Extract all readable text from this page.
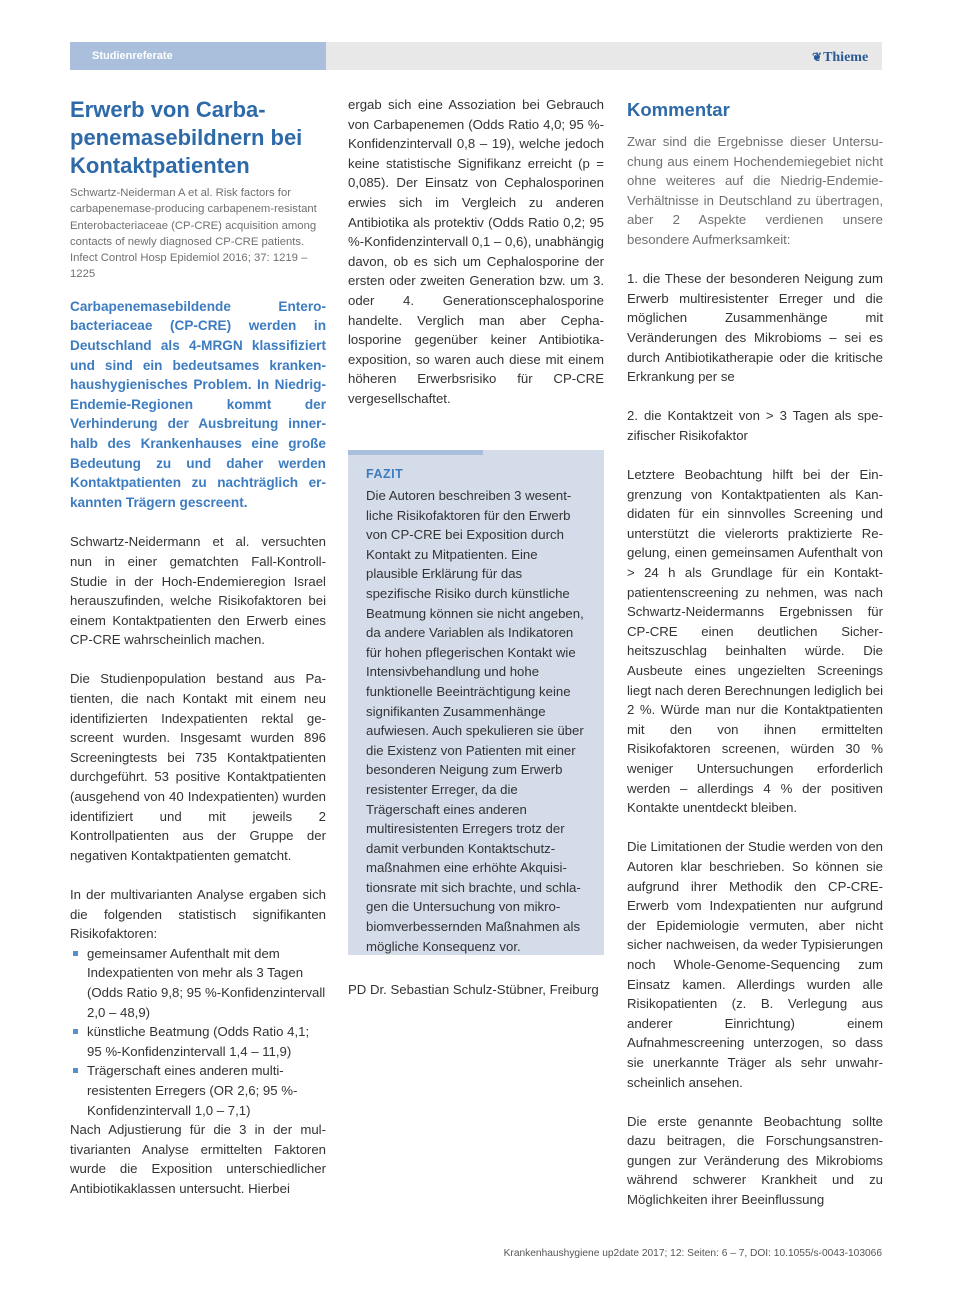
Studienreferate	❦Thieme
Erwerb von Carbapenemasebildnern bei Kontaktpatienten
Schwartz-Neiderman A et al. Risk factors for carbapenemase-producing carbapenem-resistant Enterobacteriaceae (CP-CRE) acquisition among contacts of newly diagnosed CP-CRE patients. Infect Control Hosp Epidemiol 2016; 37: 1219 – 1225

Carbapenemasebildende Enterobacteriaceae (CP-CRE) werden in Deutschland als 4-MRGN klassifiziert und sind ein bedeutsames krankenhaushygienisches Problem. In Niedrig-Endemie-Regionen kommt der Verhinderung der Ausbreitung innerhalb des Krankenhauses eine große Bedeutung zu und daher werden Kontaktpatienten zu nachträglich erkannten Trägern gescreent.

Schwartz-Neidermann et al. versuchten nun in einer gematchten Fall-Kontroll-Studie in der Hoch-Endemieregion Israel herauszufinden, welche Risikofaktoren bei einem Kontaktpatienten den Erwerb eines CP-CRE wahrscheinlich machen.

Die Studienpopulation bestand aus Patienten, die nach Kontakt mit einem neu identifizierten Indexpatienten rektal gescreent wurden. Insgesamt wurden 896 Screeningtests bei 735 Kontaktpatienten durchgeführt. 53 positive Kontaktpatienten (ausgehend von 40 Indexpatienten) wurden identifiziert und mit jeweils 2 Kontrollpatienten aus der Gruppe der negativen Kontaktpatienten gematcht.

In der multivarianten Analyse ergaben sich die folgenden statistisch signifikanten Risikofaktoren:

gemeinsamer Aufenthalt mit dem Indexpatienten von mehr als 3 Tagen (Odds Ratio 9,8; 95 %-Konfidenzintervall 2,0 – 48,9)
künstliche Beatmung (Odds Ratio 4,1; 95 %-Konfidenzintervall 1,4 – 11,9)
Trägerschaft eines anderen multiresistenten Erregers (OR 2,6; 95 %-Konfidenzintervall 1,0 – 7,1)

Nach Adjustierung für die 3 in der multivarianten Analyse ermittelten Faktoren wurde die Exposition unterschiedlicher Antibiotikaklassen untersucht. Hierbei

ergab sich eine Assoziation bei Gebrauch von Carbapenemen (Odds Ratio 4,0; 95 %-Konfidenzintervall 0,8 – 19), welche jedoch keine statistische Signifikanz erreicht (p = 0,085). Der Einsatz von Cephalosporinen erwies sich im Vergleich zu anderen Antibiotika als protektiv (Odds Ratio 0,2; 95 %-Konfidenzintervall 0,1 – 0,6), unabhängig davon, ob es sich um Cephalosporine der ersten oder zweiten Generation bzw. um 3. oder 4. Generationscephalosporine handelte. Verglich man aber Cephalosporine gegenüber keiner Antibiotikaexposition, so waren auch diese mit einem höheren Erwerbsrisiko für CP-CRE vergesellschaftet.

FAZIT

Die Autoren beschreiben 3 wesentliche Risikofaktoren für den Erwerb von CP-CRE bei Exposition durch Kontakt zu Mitpatienten. Eine plausible Erklärung für das spezifische Risiko durch künstliche Beatmung können sie nicht angeben, da andere Variablen als Indikatoren für hohen pflegerischen Kontakt wie Intensivbehandlung und hohe funktionelle Beeinträchtigung keine signifikanten Zusammenhänge aufwiesen. Auch spekulieren sie über die Existenz von Patienten mit einer besonderen Neigung zum Erwerb resistenter Erreger, da die Trägerschaft eines anderen multiresistenten Erregers trotz der damit verbunden Kontaktschutzmaßnahmen eine erhöhte Akquisitionsrate mit sich brachte, und schlagen die Untersuchung von mikrobiomverbessernden Maßnahmen als mögliche Konsequenz vor.

PD Dr. Sebastian Schulz-Stübner, Freiburg
Kommentar

Zwar sind die Ergebnisse dieser Untersuchung aus einem Hochendemiegebiet nicht ohne weiteres auf die Niedrig-Endemie-Verhältnisse in Deutschland zu übertragen, aber 2 Aspekte verdienen unsere besondere Aufmerksamkeit:

1. die These der besonderen Neigung zum Erwerb multiresistenter Erreger und die möglichen Zusammenhänge mit Veränderungen des Mikrobioms – sei es durch Antibiotikatherapie oder die kritische Erkrankung per se

2. die Kontaktzeit von > 3 Tagen als spezifischer Risikofaktor

Letztere Beobachtung hilft bei der Eingrenzung von Kontaktpatienten als Kandidaten für ein sinnvolles Screening und unterstützt die vielerorts praktizierte Regelung, einen gemeinsamen Aufenthalt von > 24 h als Grundlage für ein Kontaktpatientenscreening zu nehmen, was nach Schwartz-Neidermanns Ergebnissen für CP-CRE einen deutlichen Sicherheitszuschlag beinhalten würde. Die Ausbeute eines ungezielten Screenings liegt nach deren Berechnungen lediglich bei 2 %. Würde man nur die Kontaktpatienten mit den von ihnen ermittelten Risikofaktoren screenen, würden 30 % weniger Untersuchungen erforderlich werden – allerdings 4 % der positiven Kontakte unentdeckt bleiben.

Die Limitationen der Studie werden von den Autoren klar beschrieben. So können sie aufgrund ihrer Methodik den CP-CRE-Erwerb vom Indexpatienten nur aufgrund der Epidemiologie vermuten, aber nicht sicher nachweisen, da weder Typisierungen noch Whole-Genome-Sequencing zum Einsatz kamen. Allerdings wurden alle Risikopatienten (z. B. Verlegung aus anderer Einrichtung) einem Aufnahmescreening unterzogen, so dass sie unerkannte Träger als sehr unwahrscheinlich ansehen.

Die erste genannte Beobachtung sollte dazu beitragen, die Forschungsanstrengungen zur Veränderung des Mikrobioms während schwerer Krankheit und zu Möglichkeiten ihrer Beeinflussung

Krankenhaushygiene up2date 2017; 12: Seiten: 6 – 7, DOI: 10.1055/s-0043-103066
